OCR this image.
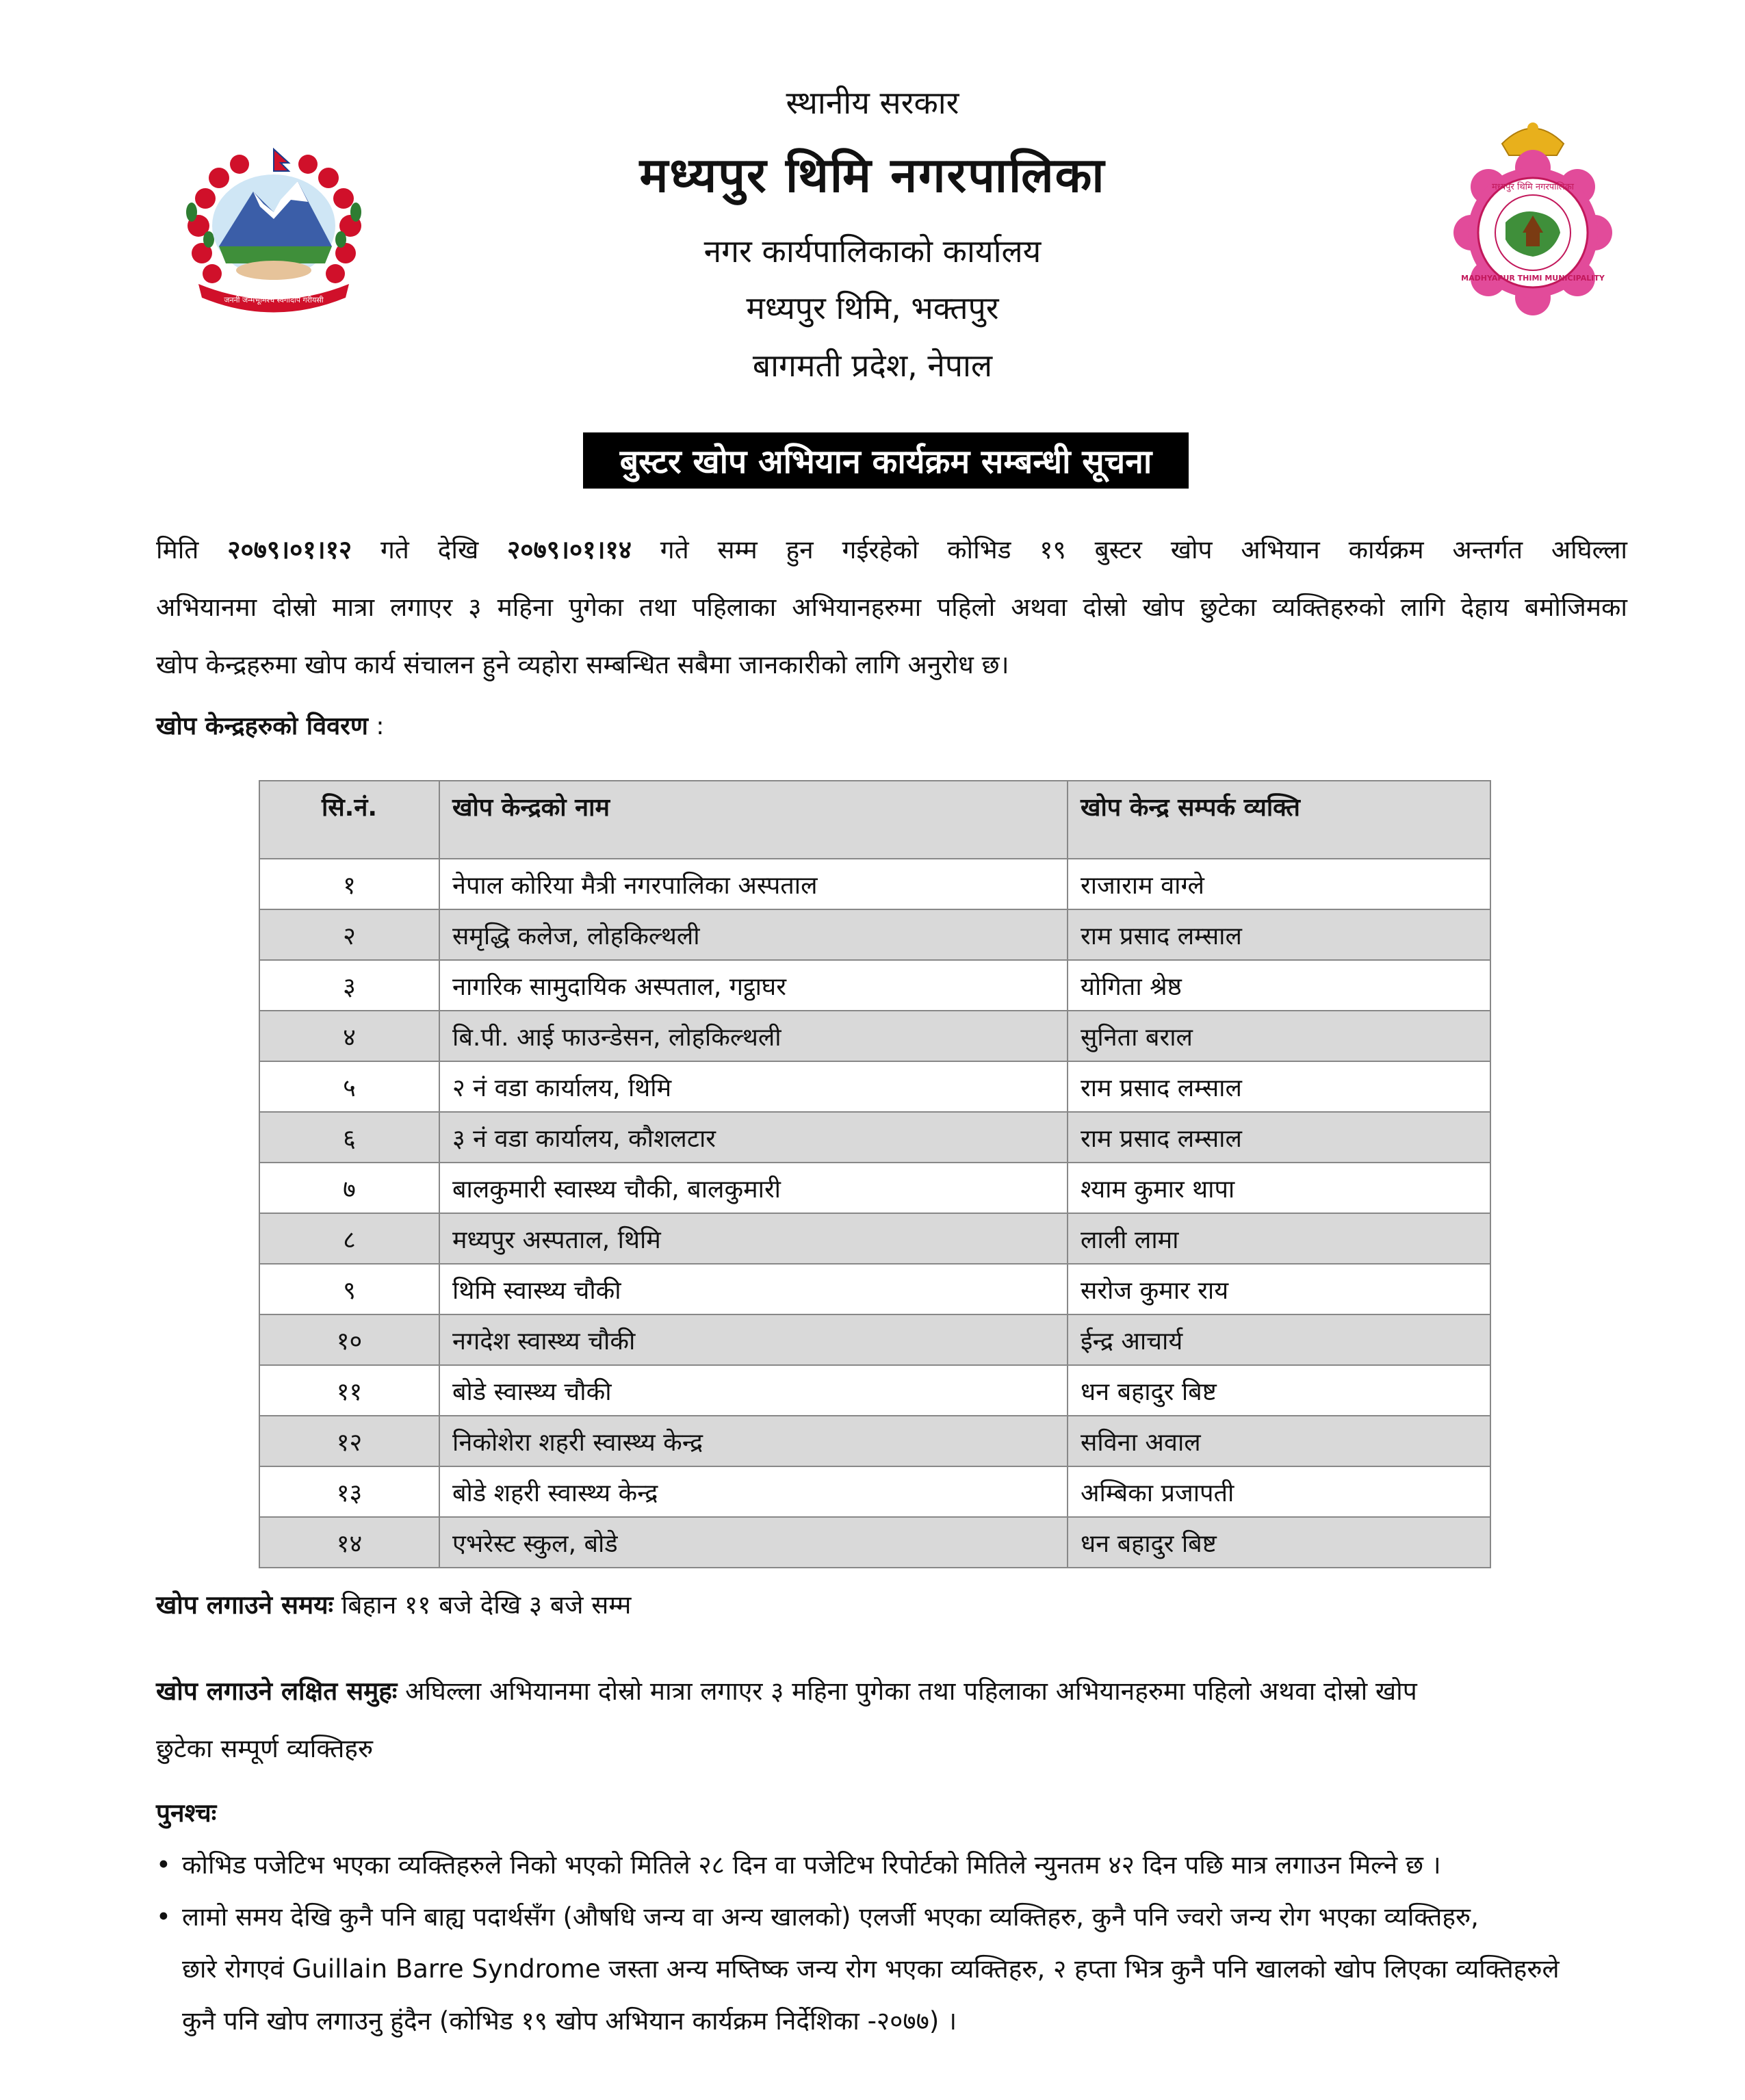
स्थानीय सरकार
मध्यपुर थिमि नगरपालिका
नगर कार्यपालिकाको कार्यालय
मध्यपुर थिमि, भक्तपुर
बागमती प्रदेश, नेपाल
जननी जन्मभूमिश्च स्वर्गादपि गरीयसी
मध्यपुर थिमि नगरपालिका
MADHYAPUR THIMI MUNICIPALITY
बुस्टर खोप अभियान कार्यक्रम सम्बन्धी सूचना
मिति २०७९।०१।१२ गते देखि २०७९।०१।१४ गते सम्म हुन गईरहेको कोभिड १९ बुस्टर खोप अभियान कार्यक्रम अन्तर्गत अघिल्ला
अभियानमा दोस्रो मात्रा लगाएर ३ महिना पुगेका तथा पहिलाका अभियानहरुमा पहिलो अथवा दोस्रो खोप छुटेका व्यक्तिहरुको लागि देहाय बमोजिमका
खोप केन्द्रहरुमा खोप कार्य संचालन हुने व्यहोरा सम्बन्धित सबैमा जानकारीको लागि अनुरोध छ।
खोप केन्द्रहरुको विवरण :
सि.नं.	खोप केन्द्रको नाम	खोप केन्द्र सम्पर्क व्यक्ति
१	नेपाल कोरिया मैत्री नगरपालिका अस्पताल	राजाराम वाग्ले
२	समृद्धि कलेज, लोहकिल्थली	राम प्रसाद लम्साल
३	नागरिक सामुदायिक अस्पताल, गट्ठाघर	योगिता श्रेष्ठ
४	बि.पी. आई फाउन्डेसन, लोहकिल्थली	सुनिता बराल
५	२ नं वडा कार्यालय, थिमि	राम प्रसाद लम्साल
६	३ नं वडा कार्यालय, कौशलटार	राम प्रसाद लम्साल
७	बालकुमारी स्वास्थ्य चौकी, बालकुमारी	श्याम कुमार थापा
८	मध्यपुर अस्पताल, थिमि	लाली लामा
९	थिमि स्वास्थ्य चौकी	सरोज कुमार राय
१०	नगदेश स्वास्थ्य चौकी	ईन्द्र आचार्य
११	बोडे स्वास्थ्य चौकी	धन बहादुर बिष्ट
१२	निकोशेरा शहरी स्वास्थ्य केन्द्र	सविना अवाल
१३	बोडे शहरी स्वास्थ्य केन्द्र	अम्बिका प्रजापती
१४	एभरेस्ट स्कुल, बोडे	धन बहादुर बिष्ट
खोप लगाउने समयः बिहान ११ बजे देखि ३ बजे सम्म
खोप लगाउने लक्षित समुहः अघिल्ला अभियानमा दोस्रो मात्रा लगाएर ३ महिना पुगेका तथा पहिलाका अभियानहरुमा पहिलो अथवा दोस्रो खोप
छुटेका सम्पूर्ण व्यक्तिहरु
पुनश्चः
• कोभिड पजेटिभ भएका व्यक्तिहरुले निको भएको मितिले २८ दिन वा पजेटिभ रिपोर्टको मितिले न्युनतम ४२ दिन पछि मात्र लगाउन मिल्ने छ ।
• लामो समय देखि कुनै पनि बाह्य पदार्थसँग (औषधि जन्य वा अन्य खालको) एलर्जी भएका व्यक्तिहरु, कुनै पनि ज्वरो जन्य रोग भएका व्यक्तिहरु,
छारे रोगएवं Guillain Barre Syndrome जस्ता अन्य मष्तिष्क जन्य रोग भएका व्यक्तिहरु, २ हप्ता भित्र कुनै पनि खालको खोप लिएका व्यक्तिहरुले
कुनै पनि खोप लगाउनु हुंदैन (कोभिड १९ खोप अभियान कार्यक्रम निर्देशिका -२०७७) ।
